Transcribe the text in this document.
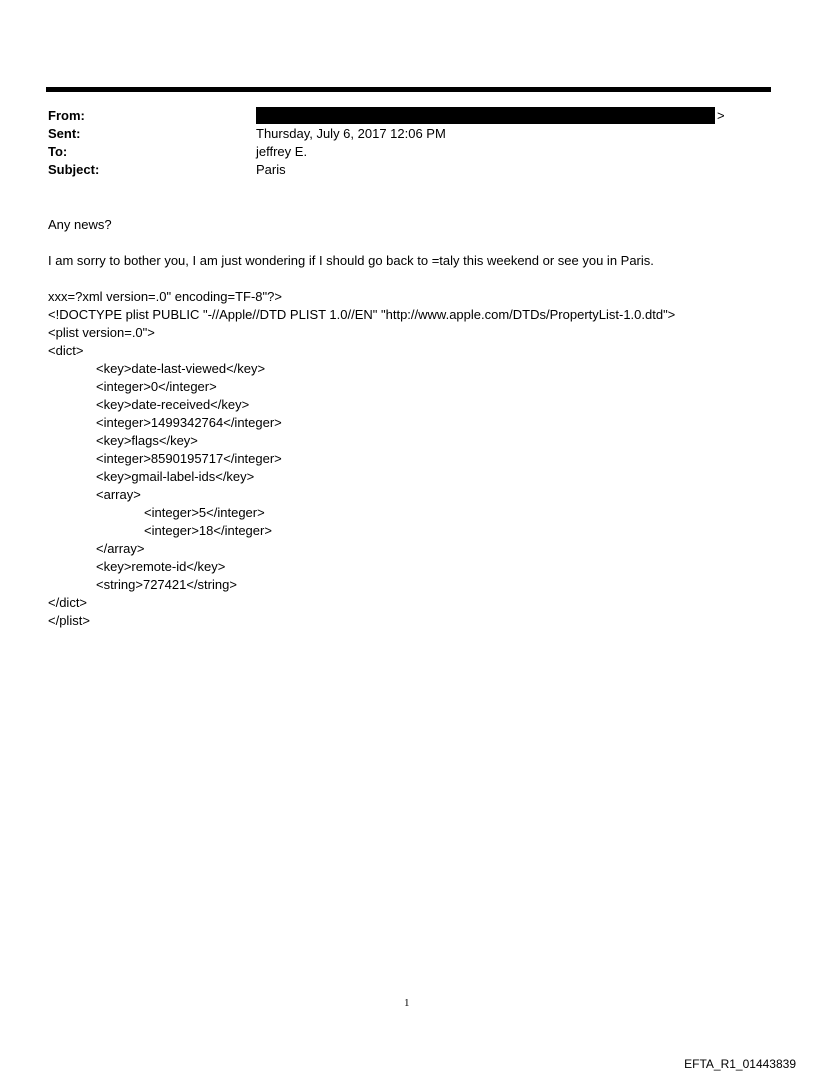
From:	>
Sent:	Thursday, July 6, 2017 12:06 PM
To:	jeffrey E.
Subject:	Paris
Any news?
I am sorry to bother you, I am just wondering if I should go back to =taly this weekend or see you in Paris.
xxx=?xml version=.0" encoding=TF-8"?>
<!DOCTYPE plist PUBLIC "-//Apple//DTD PLIST 1.0//EN" "http://www.apple.com/DTDs/PropertyList-1.0.dtd">
<plist version=.0">
<dict>
<key>date-last-viewed</key>
<integer>0</integer>
<key>date-received</key>
<integer>1499342764</integer>
<key>flags</key>
<integer>8590195717</integer>
<key>gmail-label-ids</key>
<array>
<integer>5</integer>
<integer>18</integer>
</array>
<key>remote-id</key>
<string>727421</string>
</dict>
</plist>
1
EFTA_R1_01443839
